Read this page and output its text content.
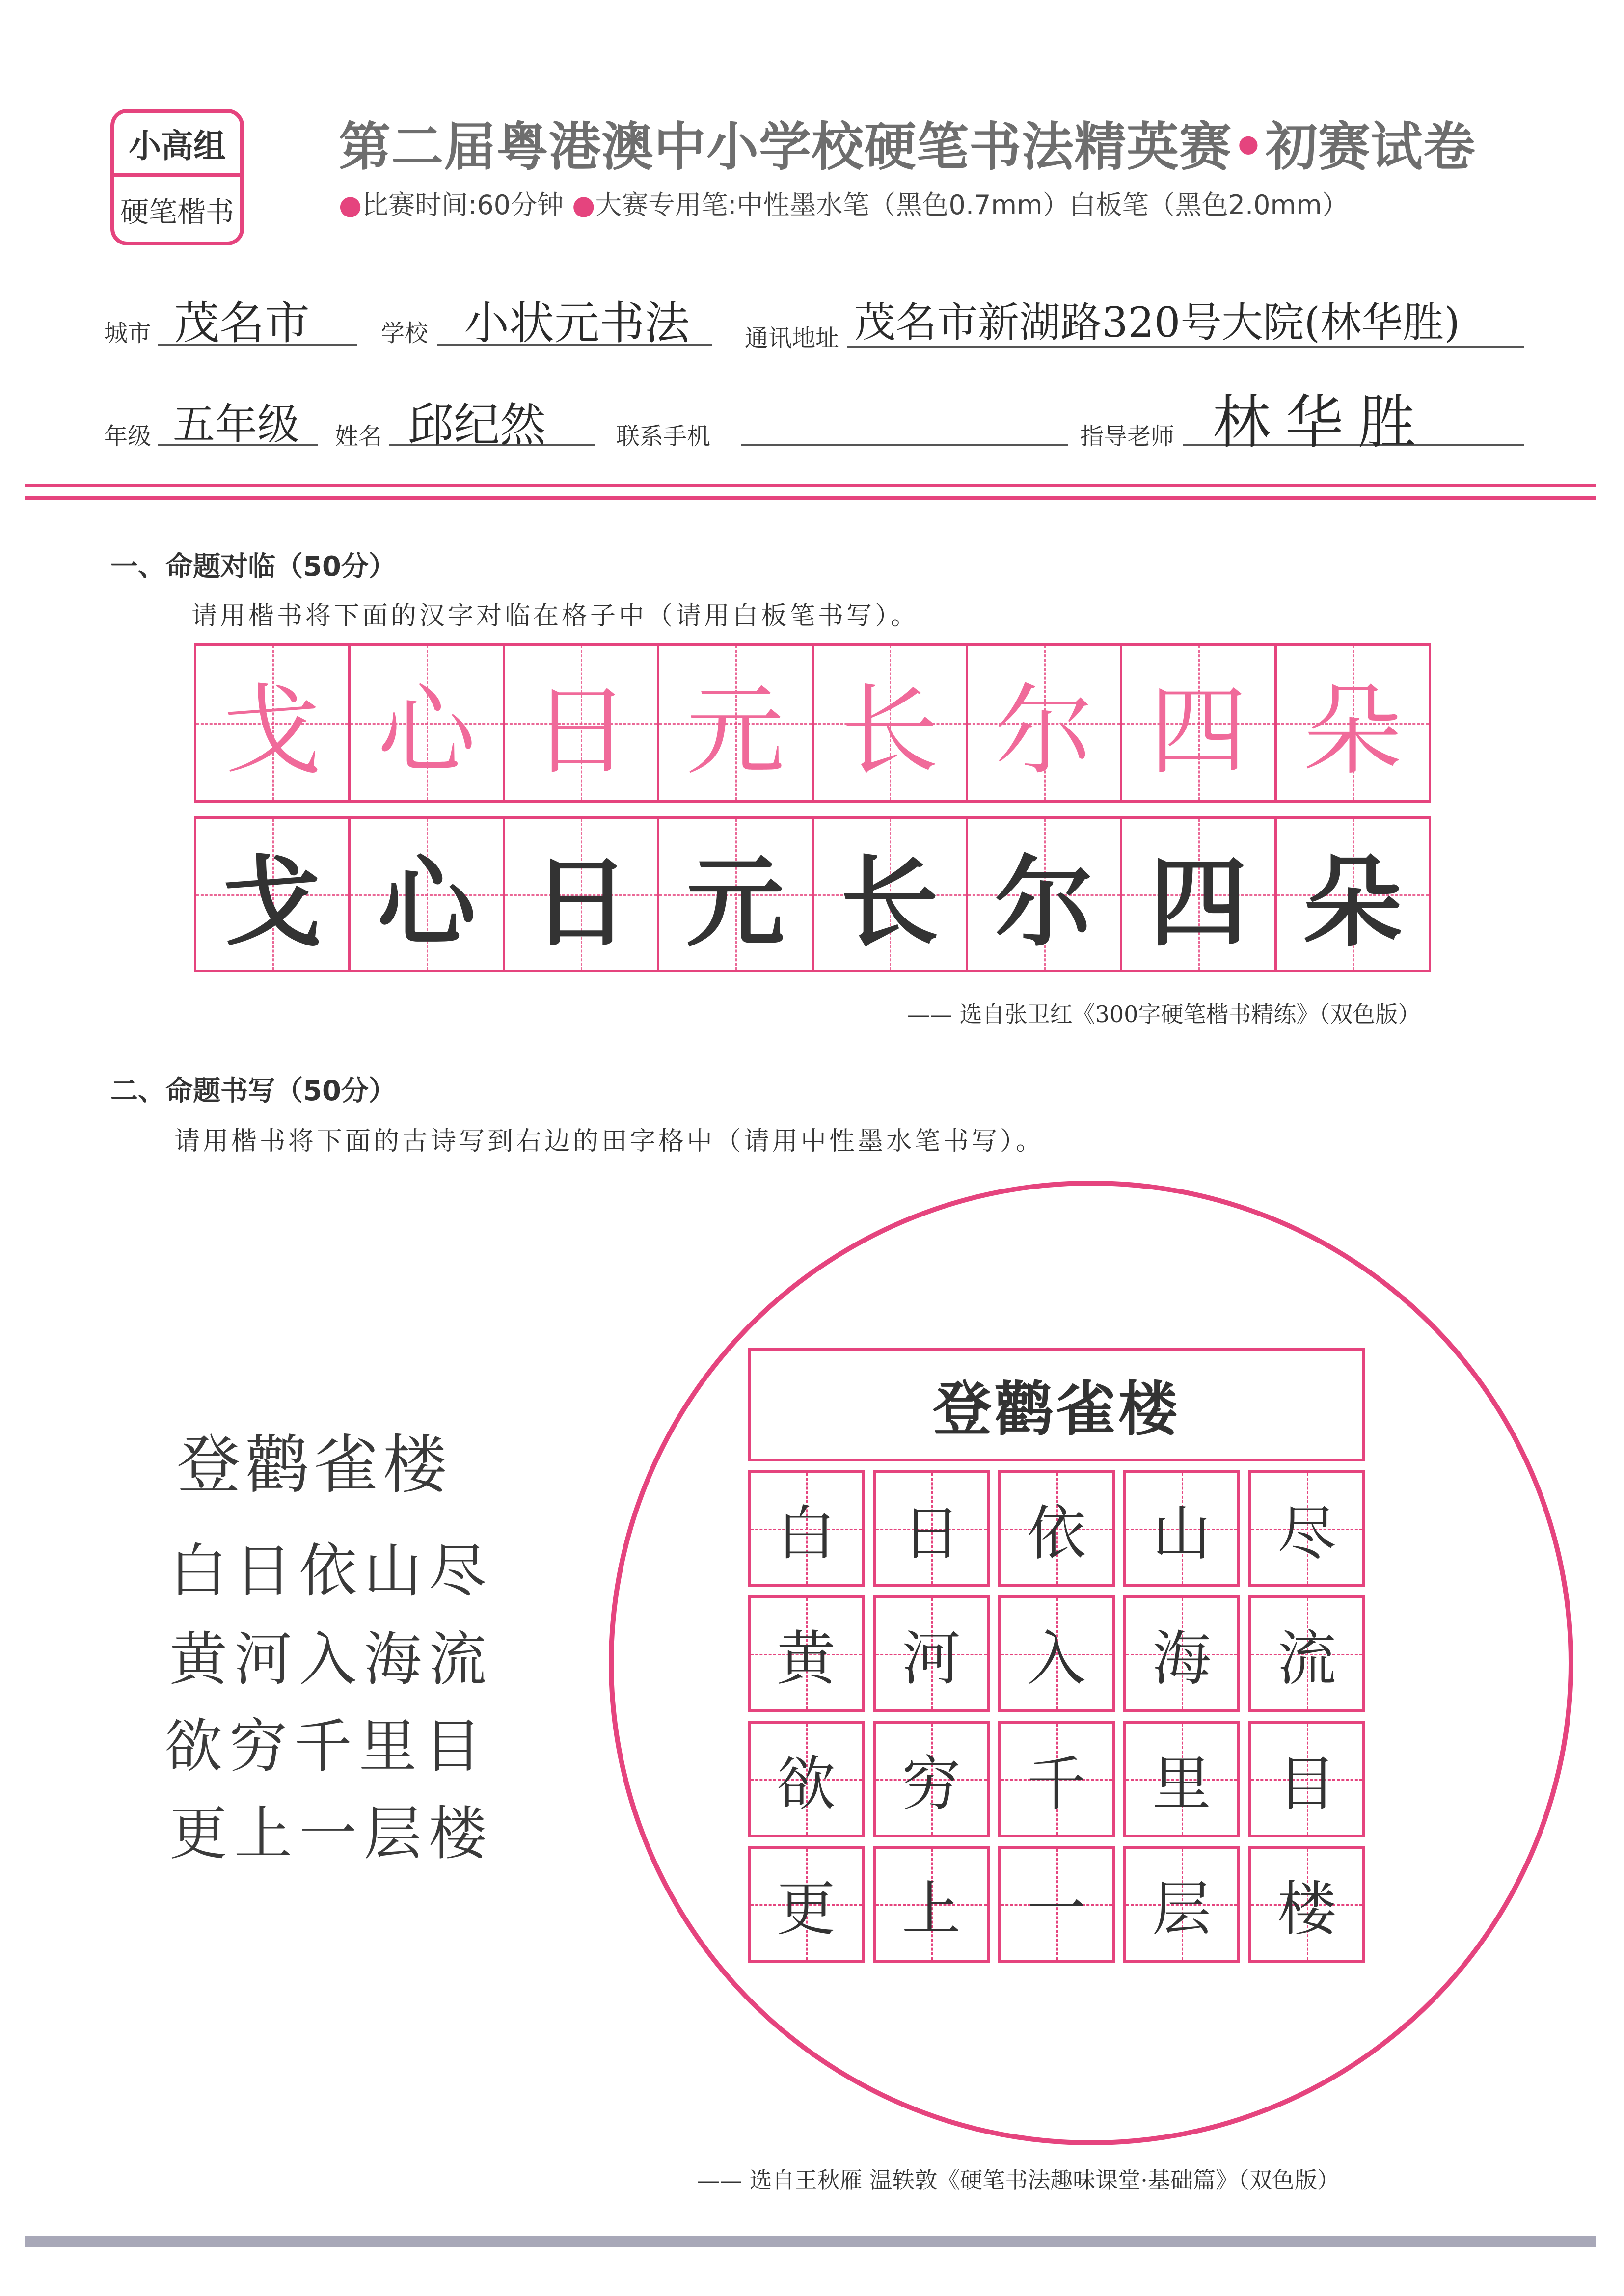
小高组
硬笔楷书
第二届粤港澳中小学校硬笔书法精英赛•初赛试卷
●比赛时间:60分钟 ●大赛专用笔:中性墨水笔（黑色0.7mm）白板笔（黑色2.0mm）
城市 茂名市	学校 小状元书法 通讯地址 茂名市新湖路320号大院(林华胜)
年级 五年级 姓名 邱纪然	联系手机	指导老师 林华胜
一、命题对临（50分）
请用楷书将下面的汉字对临在格子中（请用白板笔书写）。
戈 心 日 元 长 尔 四 朵
戈 心 日 元 长 尔 四 朵
—— 选自张卫红《300字硬笔楷书精练》（双色版）
二、命题书写（50分）
请用楷书将下面的古诗写到右边的田字格中（请用中性墨水笔书写）。
登鹳雀楼
白日依山尽
黄河入海流
欲穷千里目
更上一层楼
登鹳雀楼
白 日 依 山 尽
黄 河 入 海 流
欲 穷 千 里 目
更 上 一 层 楼
—— 选自王秋雁 温轶敦《硬笔书法趣味课堂·基础篇》（双色版）
